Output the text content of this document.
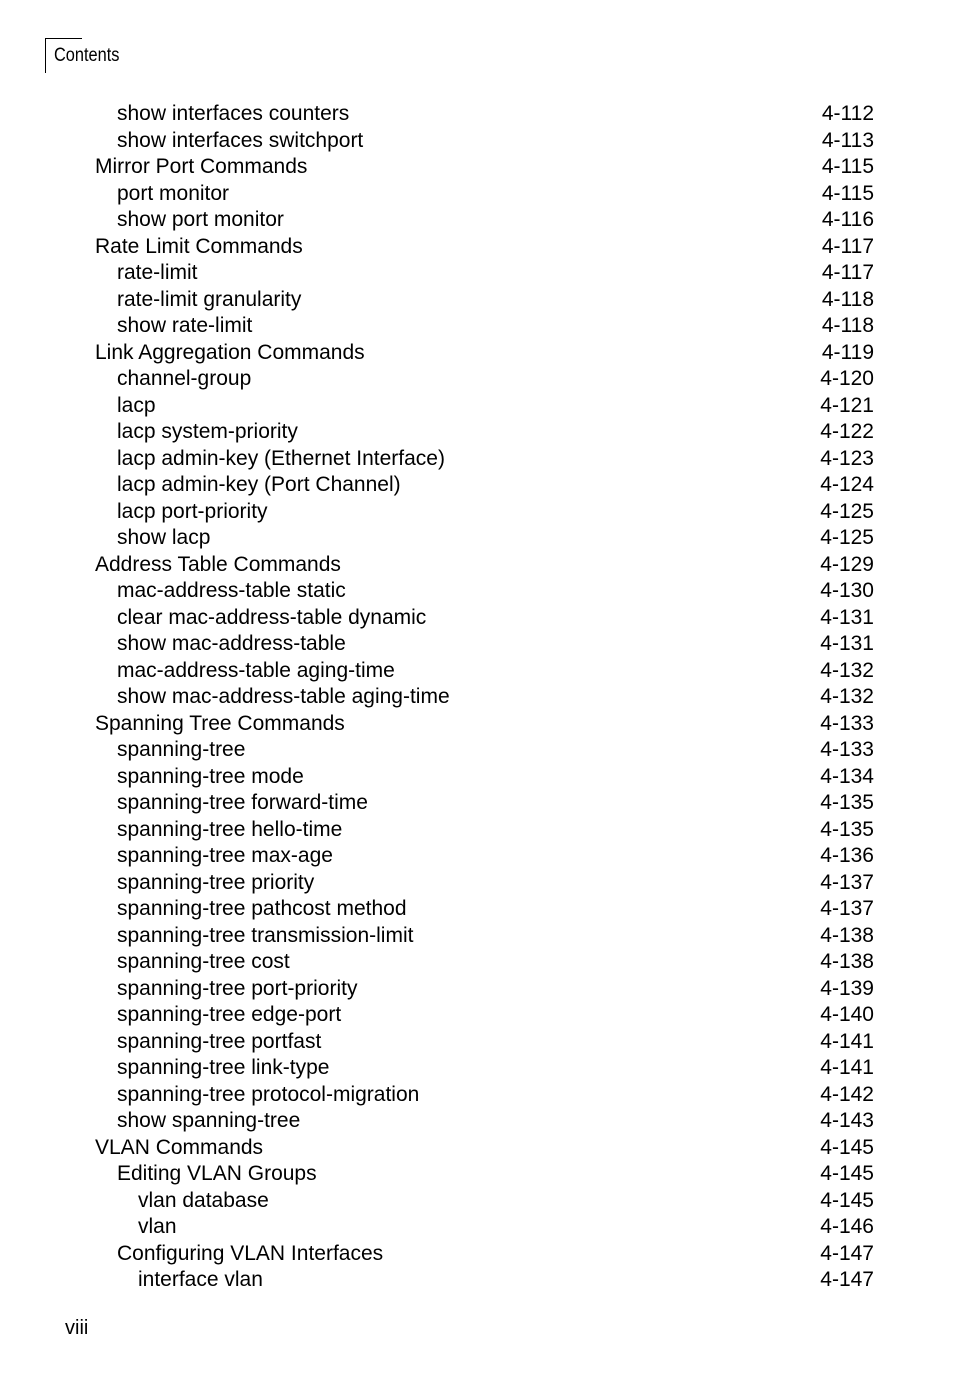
Contents
show interfaces counters	4-112
show interfaces switchport	4-113
Mirror Port Commands	4-115
port monitor	4-115
show port monitor	4-116
Rate Limit Commands	4-117
rate-limit	4-117
rate-limit granularity	4-118
show rate-limit	4-118
Link Aggregation Commands	4-119
channel-group	4-120
lacp	4-121
lacp system-priority	4-122
lacp admin-key (Ethernet Interface)	4-123
lacp admin-key (Port Channel)	4-124
lacp port-priority	4-125
show lacp	4-125
Address Table Commands	4-129
mac-address-table static	4-130
clear mac-address-table dynamic	4-131
show mac-address-table	4-131
mac-address-table aging-time	4-132
show mac-address-table aging-time	4-132
Spanning Tree Commands	4-133
spanning-tree	4-133
spanning-tree mode	4-134
spanning-tree forward-time	4-135
spanning-tree hello-time	4-135
spanning-tree max-age	4-136
spanning-tree priority	4-137
spanning-tree pathcost method	4-137
spanning-tree transmission-limit	4-138
spanning-tree cost	4-138
spanning-tree port-priority	4-139
spanning-tree edge-port	4-140
spanning-tree portfast	4-141
spanning-tree link-type	4-141
spanning-tree protocol-migration	4-142
show spanning-tree	4-143
VLAN Commands	4-145
Editing VLAN Groups	4-145
vlan database	4-145
vlan	4-146
Configuring VLAN Interfaces	4-147
interface vlan	4-147
viii
